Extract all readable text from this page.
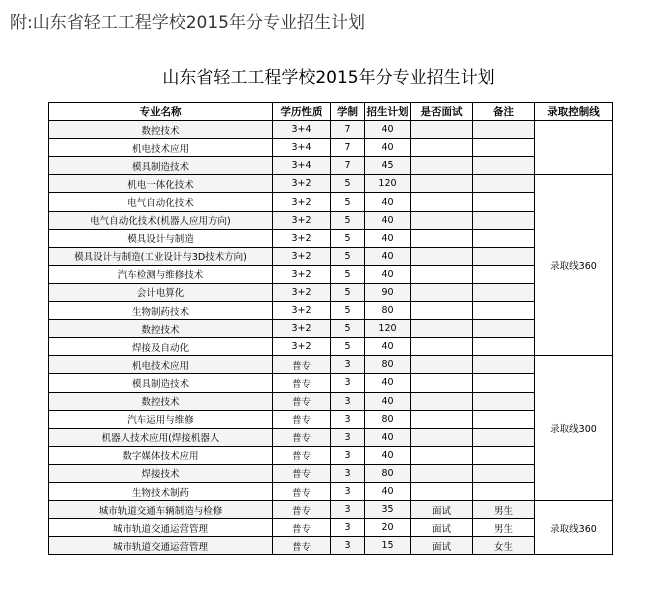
附:山东省轻工工程学校2015年分专业招生计划
山东省轻工工程学校2015年分专业招生计划
专业名称	学历性质	学制	招生计划	是否面试	备注	录取控制线
数控技术	3+4	7	40			
机电技术应用	3+4	7	40			
模具制造技术	3+4	7	45			
机电一体化技术	3+2	5	120			录取线360
电气自动化技术	3+2	5	40			
电气自动化技术(机器人应用方向)	3+2	5	40			
模具设计与制造	3+2	5	40			
模具设计与制造(工业设计与3D技术方向)	3+2	5	40			
汽车检测与维修技术	3+2	5	40			
会计电算化	3+2	5	90			
生物制药技术	3+2	5	80			
数控技术	3+2	5	120			
焊接及自动化	3+2	5	40			
机电技术应用	普专	3	80			录取线300
模具制造技术	普专	3	40			
数控技术	普专	3	40			
汽车运用与维修	普专	3	80			
机器人技术应用(焊接机器人	普专	3	40			
数字媒体技术应用	普专	3	40			
焊接技术	普专	3	80			
生物技术制药	普专	3	40			
城市轨道交通车辆制造与检修	普专	3	35	面试	男生	录取线360
城市轨道交通运营管理	普专	3	20	面试	男生	
城市轨道交通运营管理	普专	3	15	面试	女生	
